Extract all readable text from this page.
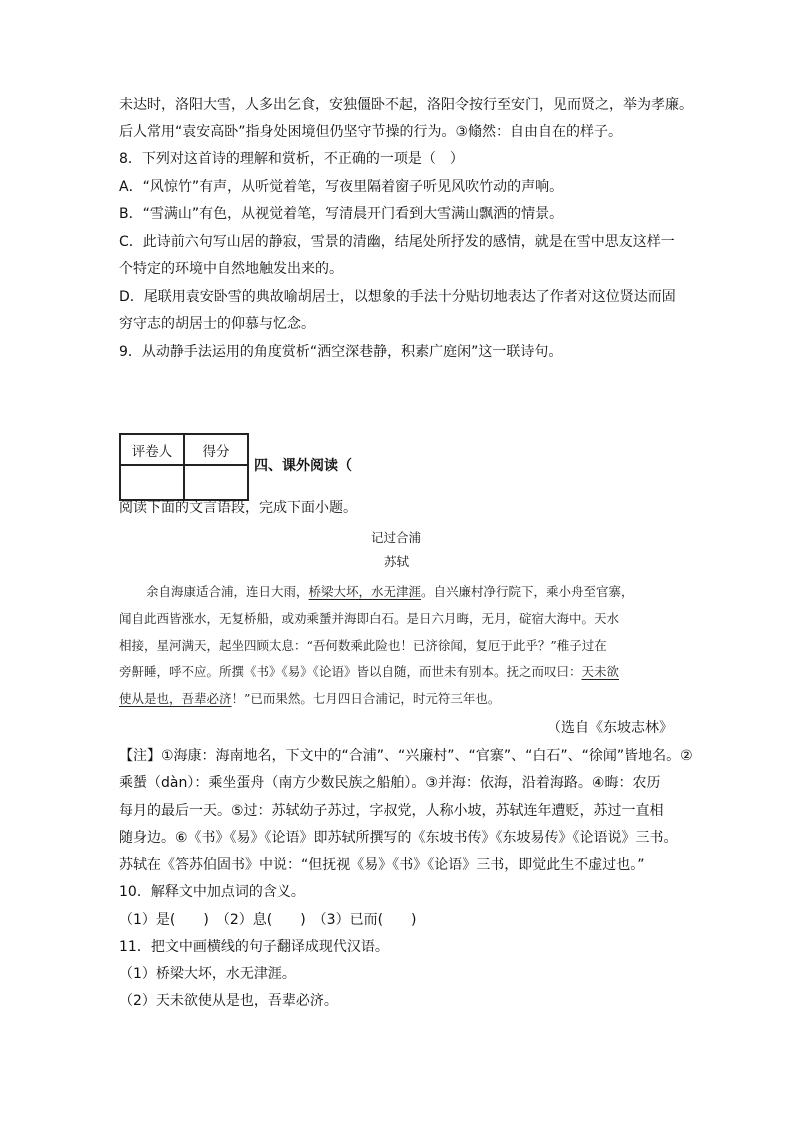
未达时，洛阳大雪，人多出乞食，安独僵卧不起，洛阳令按行至安门，见而贤之，举为孝廉。
后人常用“袁安高卧”指身处困境但仍坚守节操的行为。③翛然：自由自在的样子。
8．下列对这首诗的理解和赏析，不正确的一项是（　）
A．“风惊竹”有声，从听觉着笔，写夜里隔着窗子听见风吹竹动的声响。
B．“雪满山”有色，从视觉着笔，写清晨开门看到大雪满山飘洒的情景。
C．此诗前六句写山居的静寂，雪景的清幽，结尾处所抒发的感情，就是在雪中思友这样一
个特定的环境中自然地触发出来的。
D．尾联用袁安卧雪的典故喻胡居士，以想象的手法十分贴切地表达了作者对这位贤达而固
穷守志的胡居士的仰慕与忆念。
9．从动静手法运用的角度赏析“洒空深巷静，积素广庭闲”这一联诗句。
评卷人	得分

四、课外阅读（
阅读下面的文言语段，完成下面小题。
记过合浦
苏轼
余自海康适合浦，连日大雨，桥梁大坏，水无津涯。自兴廉村净行院下，乘小舟至官寨，
闻自此西皆涨水，无复桥船，或劝乘蜑并海即白石。是日六月晦，无月，碇宿大海中。天水
相接，星河满天，起坐四顾太息：“吾何数乘此险也！已济徐闻，复厄于此乎？”稚子过在
旁鼾睡，呼不应。所撰《书》《易》《论语》皆以自随，而世未有别本。抚之而叹曰：天未欲
使从是也，吾辈必济！”已而果然。七月四日合浦记，时元符三年也。
（选自《东坡志林》
【注】①海康：海南地名，下文中的“合浦”、“兴廉村”、“官寨”、“白石”、“徐闻”皆地名。②
乘蜑（dàn）：乘坐蛋舟（南方少数民族之船舶）。③并海：依海，沿着海路。④晦：农历
每月的最后一天。⑤过：苏轼幼子苏过，字叔党，人称小坡，苏轼连年遭贬，苏过一直相
随身边。⑥《书》《易》《论语》即苏轼所撰写的《东坡书传》《东坡易传》《论语说》三书。
苏轼在《答苏伯固书》中说：“但抚视《易》《书》《论语》三书，即觉此生不虚过也。”
10．解释文中加点词的含义。
（1）是(　　)　（2）息(　　)　（3）已而(　　)
11．把文中画横线的句子翻译成现代汉语。
（1）桥梁大坏，水无津涯。
（2）天未欲使从是也，吾辈必济。
